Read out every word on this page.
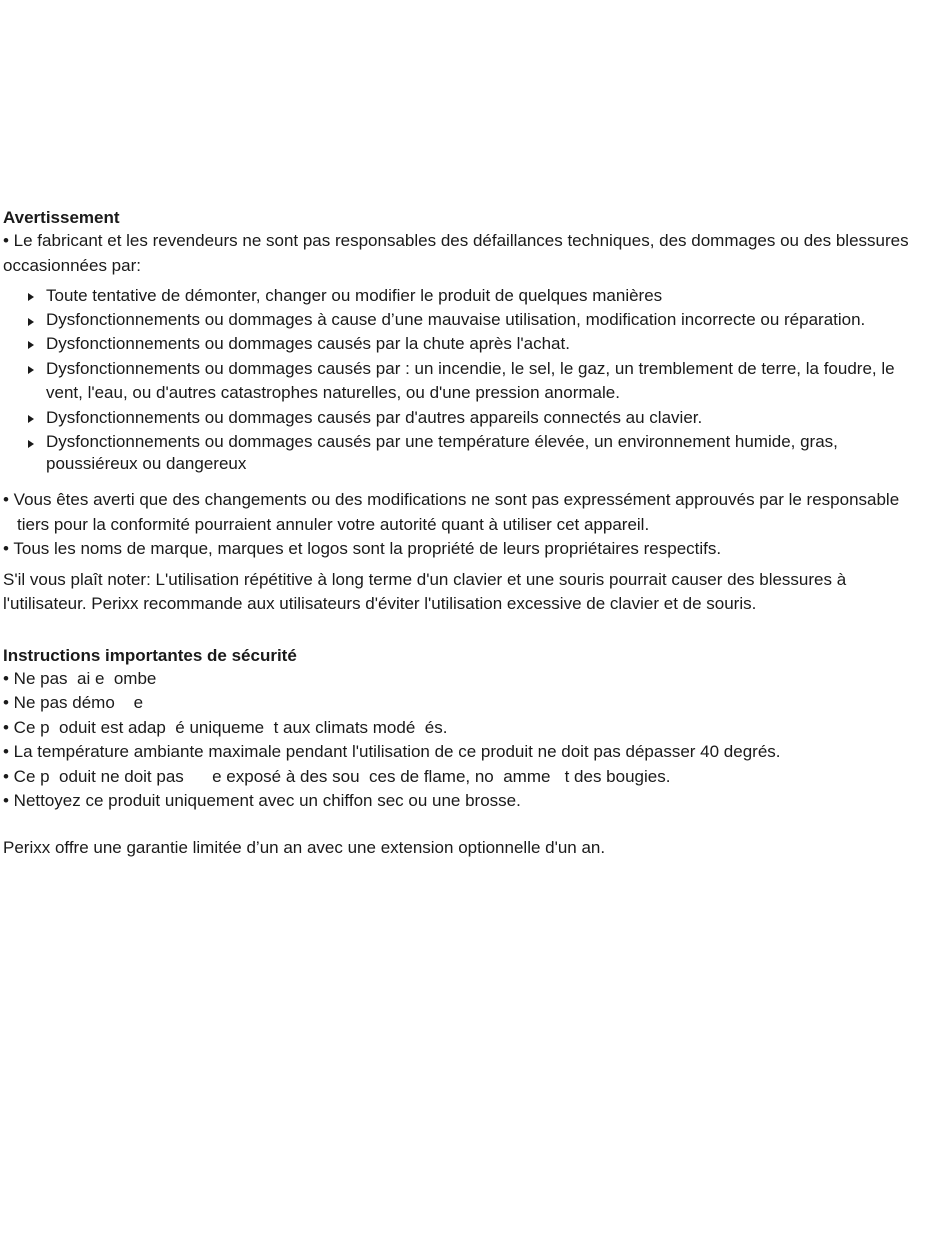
Avertissement

• Le fabricant et les revendeurs ne sont pas responsables des défaillances techniques, des dommages ou des blessures occasionnées par:

Toute tentative de démonter, changer ou modifier le produit de quelques manières
Dysfonctionnements ou dommages à cause d’une mauvaise utilisation, modification incorrecte ou réparation.
Dysfonctionnements ou dommages causés par la chute après l'achat.
Dysfonctionnements ou dommages causés par : un incendie, le sel, le gaz, un tremblement de terre, la foudre, le vent, l'eau, ou d'autres catastrophes naturelles, ou d'une pression anormale.
Dysfonctionnements ou dommages causés par d'autres appareils connectés au clavier.
Dysfonctionnements ou dommages causés par une température élevée, un environnement humide, gras, poussiéreux ou dangereux
• Vous êtes averti que des changements ou des modifications ne sont pas expressément approuvés par le responsable tiers pour la conformité pourraient annuler votre autorité quant à utiliser cet appareil.
• Tous les noms de marque, marques et logos sont la propriété de leurs propriétaires respectifs.

S'il vous plaît noter: L'utilisation répétitive à long terme d'un clavier et une souris pourrait causer des blessures à l'utilisateur. Perixx recommande aux utilisateurs d'éviter l'utilisation excessive de clavier et de souris.

Instructions importantes de sécurité
• Ne pas  ai e  ombe
• Ne pas démo    e
• Ce p  oduit est adap  é uniqueme  t aux climats modé  és.
• La température ambiante maximale pendant l'utilisation de ce produit ne doit pas dépasser 40 degrés.
• Ce p  oduit ne doit pas      e exposé à des sou  ces de flame, no  amme   t des bougies.
• Nettoyez ce produit uniquement avec un chiffon sec ou une brosse.
Perixx offre une garantie limitée d’un an avec une extension optionnelle d'un an.
